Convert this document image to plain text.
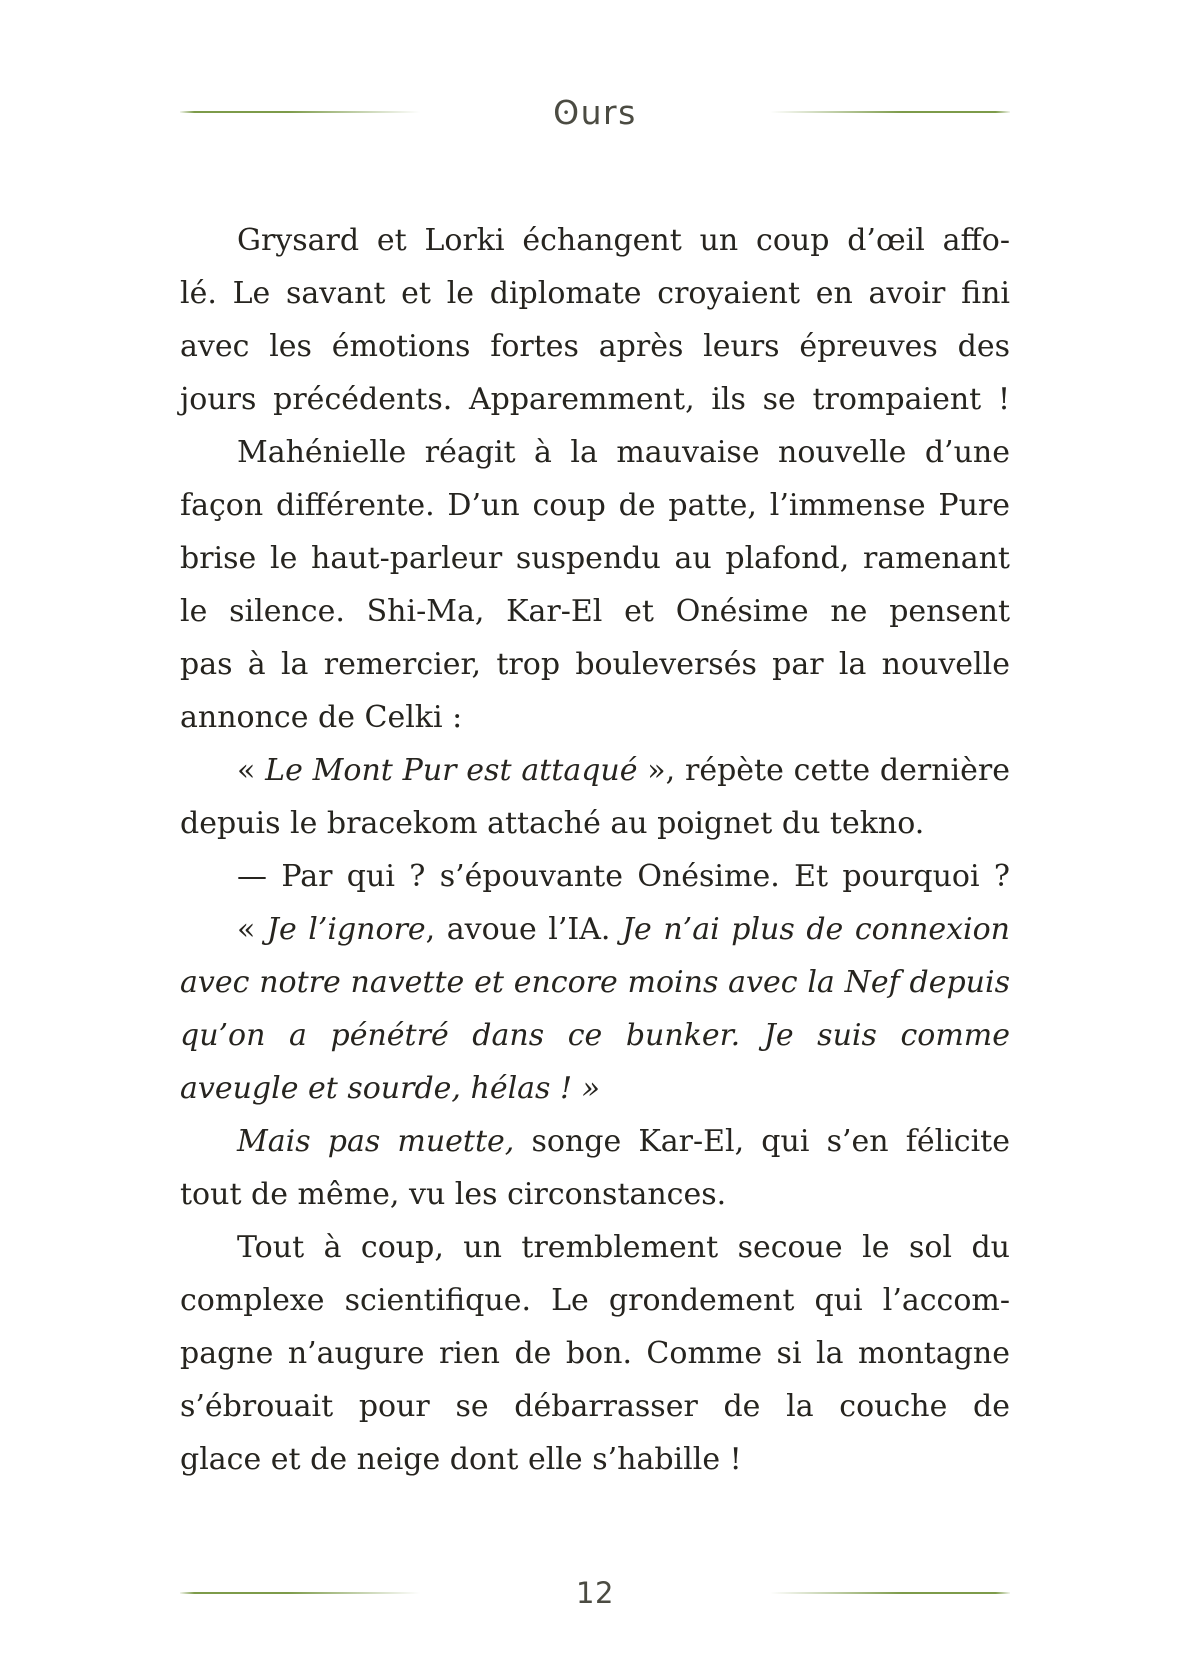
ʘurs
Grysard et Lorki échangent un coup d’œil affo-
lé. Le savant et le diplomate croyaient en avoir fini
avec les émotions fortes après leurs épreuves des
jours précédents. Apparemment, ils se trompaient !
Mahénielle réagit à la mauvaise nouvelle d’une
façon différente. D’un coup de patte, l’immense Pure
brise le haut-parleur suspendu au plafond, ramenant
le silence. Shi-Ma, Kar-El et Onésime ne pensent
pas à la remercier, trop bouleversés par la nouvelle
annonce de Celki :
« Le Mont Pur est attaqué », répète cette dernière
depuis le bracekom attaché au poignet du tekno.
— Par qui ? s’épouvante Onésime. Et pourquoi ?
« Je l’ignore, avoue l’IA. Je n’ai plus de connexion
avec notre navette et encore moins avec la Nef depuis
qu’on a pénétré dans ce bunker. Je suis comme
aveugle et sourde, hélas ! »
Mais pas muette, songe Kar-El, qui s’en félicite
tout de même, vu les circonstances.
Tout à coup, un tremblement secoue le sol du
complexe scientifique. Le grondement qui l’accom-
pagne n’augure rien de bon. Comme si la montagne
s’ébrouait pour se débarrasser de la couche de
glace et de neige dont elle s’habille !
12
